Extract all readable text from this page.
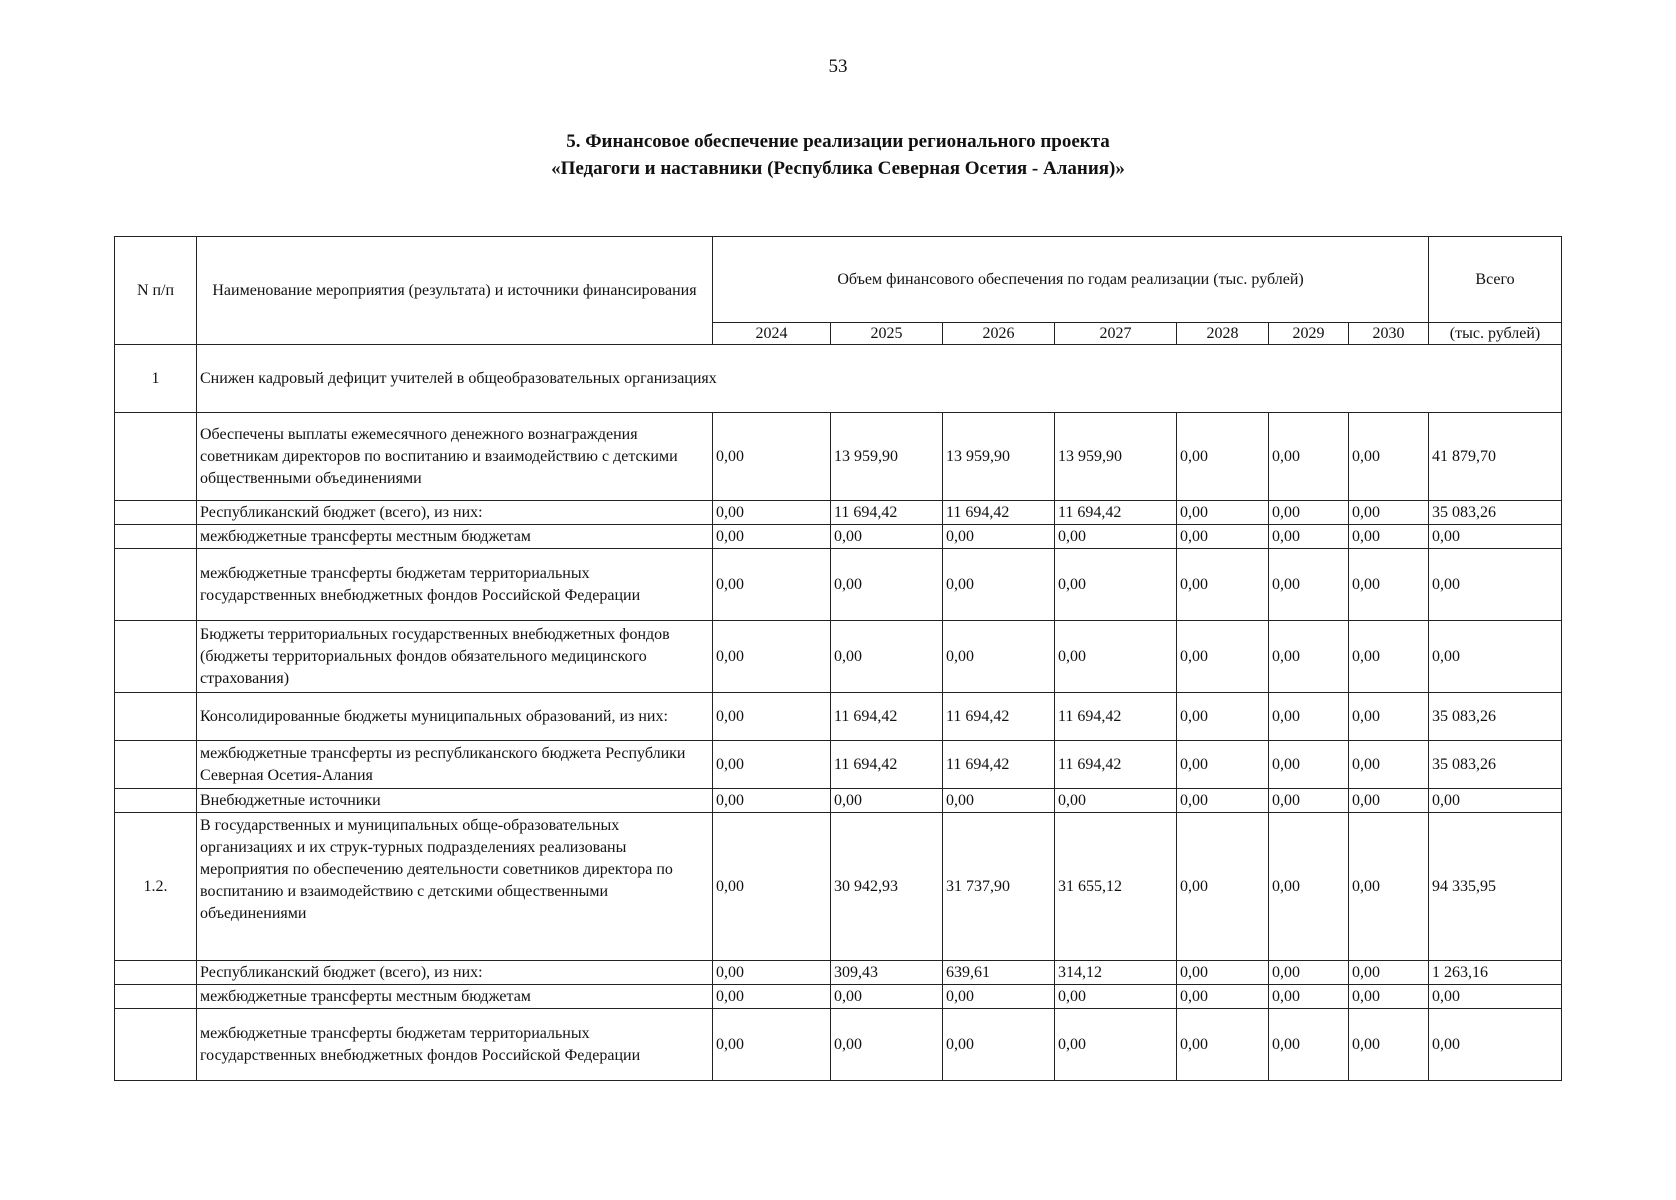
53
5. Финансовое обеспечение реализации регионального проекта
«Педагоги и наставники (Республика Северная Осетия - Алания)»
N п/п	Наименование мероприятия (результата) и источники финансирования	Объем финансового обеспечения по годам реализации (тыс. рублей)							Всего
		2024	2025	2026	2027	2028	2029	2030	(тыс. рублей)
1	Снижен кадровый дефицит учителей в общеобразовательных организациях								
	Обеспечены выплаты ежемесячного денежного вознаграждения советникам директоров по воспитанию и взаимодействию с детскими общественными объединениями	0,00	13 959,90	13 959,90	13 959,90	0,00	0,00	0,00	41 879,70
	Республиканский бюджет (всего), из них:	0,00	11 694,42	11 694,42	11 694,42	0,00	0,00	0,00	35 083,26
	межбюджетные трансферты местным бюджетам	0,00	0,00	0,00	0,00	0,00	0,00	0,00	0,00
	межбюджетные трансферты бюджетам территориальных государственных внебюджетных фондов Российской Федерации	0,00	0,00	0,00	0,00	0,00	0,00	0,00	0,00
	Бюджеты территориальных государственных внебюджетных фондов (бюджеты территориальных фондов обязательного медицинского страхования)	0,00	0,00	0,00	0,00	0,00	0,00	0,00	0,00
	Консолидированные бюджеты муниципальных образований, из них:	0,00	11 694,42	11 694,42	11 694,42	0,00	0,00	0,00	35 083,26
	межбюджетные трансферты из республиканского бюджета Республики Северная Осетия-Алания	0,00	11 694,42	11 694,42	11 694,42	0,00	0,00	0,00	35 083,26
	Внебюджетные источники	0,00	0,00	0,00	0,00	0,00	0,00	0,00	0,00
1.2.	В государственных и муниципальных обще-образовательных организациях и их струк-турных подразделениях реализованы мероприятия по обеспечению деятельности советников директора по воспитанию и взаимодействию с детскими общественными объединениями	0,00	30 942,93	31 737,90	31 655,12	0,00	0,00	0,00	94 335,95
	Республиканский бюджет (всего), из них:	0,00	309,43	639,61	314,12	0,00	0,00	0,00	1 263,16
	межбюджетные трансферты местным бюджетам	0,00	0,00	0,00	0,00	0,00	0,00	0,00	0,00
	межбюджетные трансферты бюджетам территориальных государственных внебюджетных фондов Российской Федерации	0,00	0,00	0,00	0,00	0,00	0,00	0,00	0,00
